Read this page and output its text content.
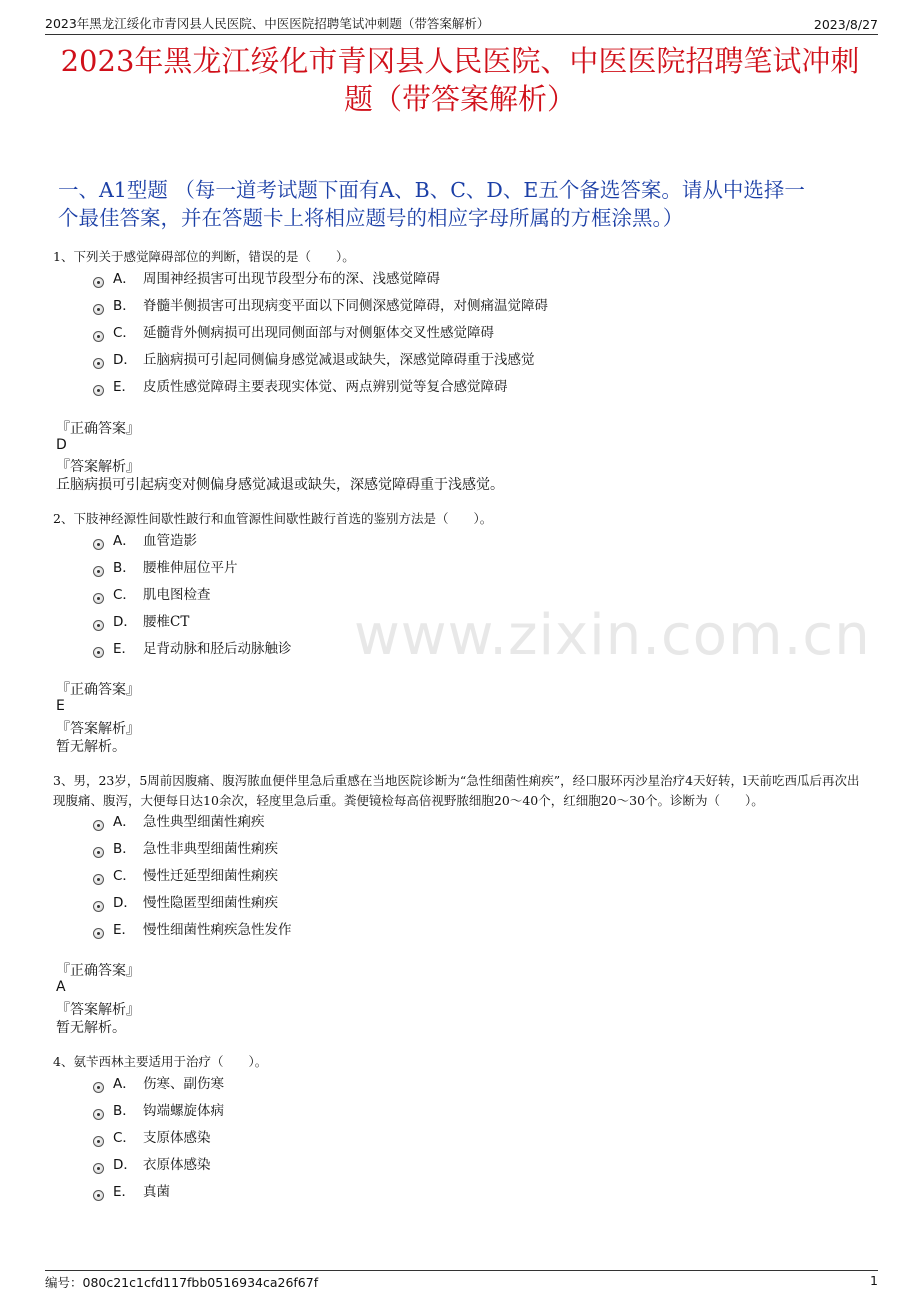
2023年黑龙江绥化市青冈县人民医院、中医医院招聘笔试冲刺题（带答案解析）	2023/8/27
2023年黑龙江绥化市青冈县人民医院、中医医院招聘笔试冲刺
题（带答案解析）
一、A1型题 （每一道考试题下面有A、B、C、D、E五个备选答案。请从中选择一
个最佳答案，并在答题卡上将相应题号的相应字母所属的方框涂黑。）
www.zixin.com.cn
1、下列关于感觉障碍部位的判断，错误的是（　　）。
A． 周围神经损害可出现节段型分布的深、浅感觉障碍
B． 脊髓半侧损害可出现病变平面以下同侧深感觉障碍，对侧痛温觉障碍
C． 延髓背外侧病损可出现同侧面部与对侧躯体交叉性感觉障碍
D． 丘脑病损可引起同侧偏身感觉减退或缺失，深感觉障碍重于浅感觉
E． 皮质性感觉障碍主要表现实体觉、两点辨别觉等复合感觉障碍
『正确答案』
D
『答案解析』
丘脑病损可引起病变对侧偏身感觉减退或缺失，深感觉障碍重于浅感觉。
2、下肢神经源性间歇性跛行和血管源性间歇性跛行首选的鉴别方法是（　　）。
A． 血管造影
B． 腰椎伸屈位平片
C． 肌电图检查
D． 腰椎CT
E． 足背动脉和胫后动脉触诊
『正确答案』
E
『答案解析』
暂无解析。
3、男，23岁，5周前因腹痛、腹泻脓血便伴里急后重感在当地医院诊断为“急性细菌性痢疾”，经口服环丙沙星治疗4天好转，l天前吃西瓜后再次出现腹痛、腹泻，大便每日达10余次，轻度里急后重。粪便镜检每高倍视野脓细胞20～40个，红细胞20～30个。诊断为（　　）。
A． 急性典型细菌性痢疾
B． 急性非典型细菌性痢疾
C． 慢性迁延型细菌性痢疾
D． 慢性隐匿型细菌性痢疾
E． 慢性细菌性痢疾急性发作
『正确答案』
A
『答案解析』
暂无解析。
4、氨苄西林主要适用于治疗（　　）。
A． 伤寒、副伤寒
B． 钩端螺旋体病
C． 支原体感染
D． 衣原体感染
E． 真菌
编号：080c21c1cfd117fbb0516934ca26f67f	1
